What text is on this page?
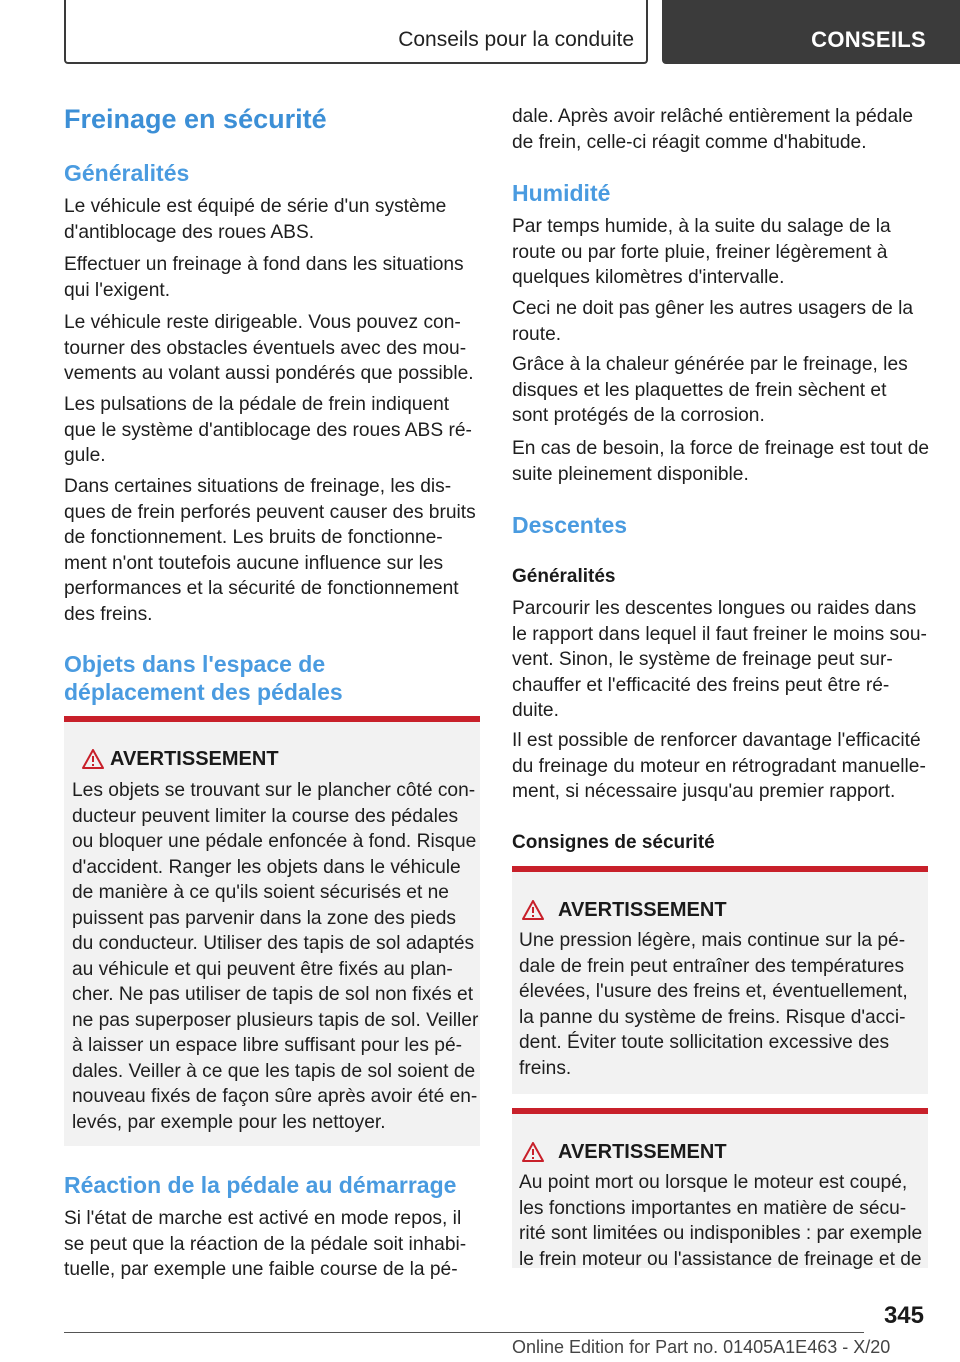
Conseils pour la conduite	CONSEILS
Freinage en sécurité
Généralités
Le véhicule est équipé de série d'un système
d'antiblocage des roues ABS.
Effectuer un freinage à fond dans les situations
qui l'exigent.
Le véhicule reste dirigeable. Vous pouvez con‐
tourner des obstacles éventuels avec des mou‐
vements au volant aussi pondérés que possible.
Les pulsations de la pédale de frein indiquent
que le système d'antiblocage des roues ABS ré‐
gule.
Dans certaines situations de freinage, les dis‐
ques de frein perforés peuvent causer des bruits
de fonctionnement. Les bruits de fonctionne‐
ment n'ont toutefois aucune influence sur les
performances et la sécurité de fonctionnement
des freins.
Objets dans l'espace de
déplacement des pédales
AVERTISSEMENT
Les objets se trouvant sur le plancher côté con‐
ducteur peuvent limiter la course des pédales
ou bloquer une pédale enfoncée à fond. Risque
d'accident. Ranger les objets dans le véhicule
de manière à ce qu'ils soient sécurisés et ne
puissent pas parvenir dans la zone des pieds
du conducteur. Utiliser des tapis de sol adaptés
au véhicule et qui peuvent être fixés au plan‐
cher. Ne pas utiliser de tapis de sol non fixés et
ne pas superposer plusieurs tapis de sol. Veiller
à laisser un espace libre suffisant pour les pé‐
dales. Veiller à ce que les tapis de sol soient de
nouveau fixés de façon sûre après avoir été en‐
levés, par exemple pour les nettoyer.
Réaction de la pédale au démarrage
Si l'état de marche est activé en mode repos, il
se peut que la réaction de la pédale soit inhabi‐
tuelle, par exemple une faible course de la pé‐
dale. Après avoir relâché entièrement la pédale
de frein, celle-ci réagit comme d'habitude.
Humidité
Par temps humide, à la suite du salage de la
route ou par forte pluie, freiner légèrement à
quelques kilomètres d'intervalle.
Ceci ne doit pas gêner les autres usagers de la
route.
Grâce à la chaleur générée par le freinage, les
disques et les plaquettes de frein sèchent et
sont protégés de la corrosion.
En cas de besoin, la force de freinage est tout de
suite pleinement disponible.
Descentes
Généralités
Parcourir les descentes longues ou raides dans
le rapport dans lequel il faut freiner le moins sou‐
vent. Sinon, le système de freinage peut sur‐
chauffer et l'efficacité des freins peut être ré‐
duite.
Il est possible de renforcer davantage l'efficacité
du freinage du moteur en rétrogradant manuelle‐
ment, si nécessaire jusqu'au premier rapport.
Consignes de sécurité
AVERTISSEMENT
Une pression légère, mais continue sur la pé‐
dale de frein peut entraîner des températures
élevées, l'usure des freins et, éventuellement,
la panne du système de freins. Risque d'acci‐
dent. Éviter toute sollicitation excessive des
freins.
AVERTISSEMENT
Au point mort ou lorsque le moteur est coupé,
les fonctions importantes en matière de sécu‐
rité sont limitées ou indisponibles : par exemple
le frein moteur ou l'assistance de freinage et de
345
Online Edition for Part no. 01405A1E463 - X/20
